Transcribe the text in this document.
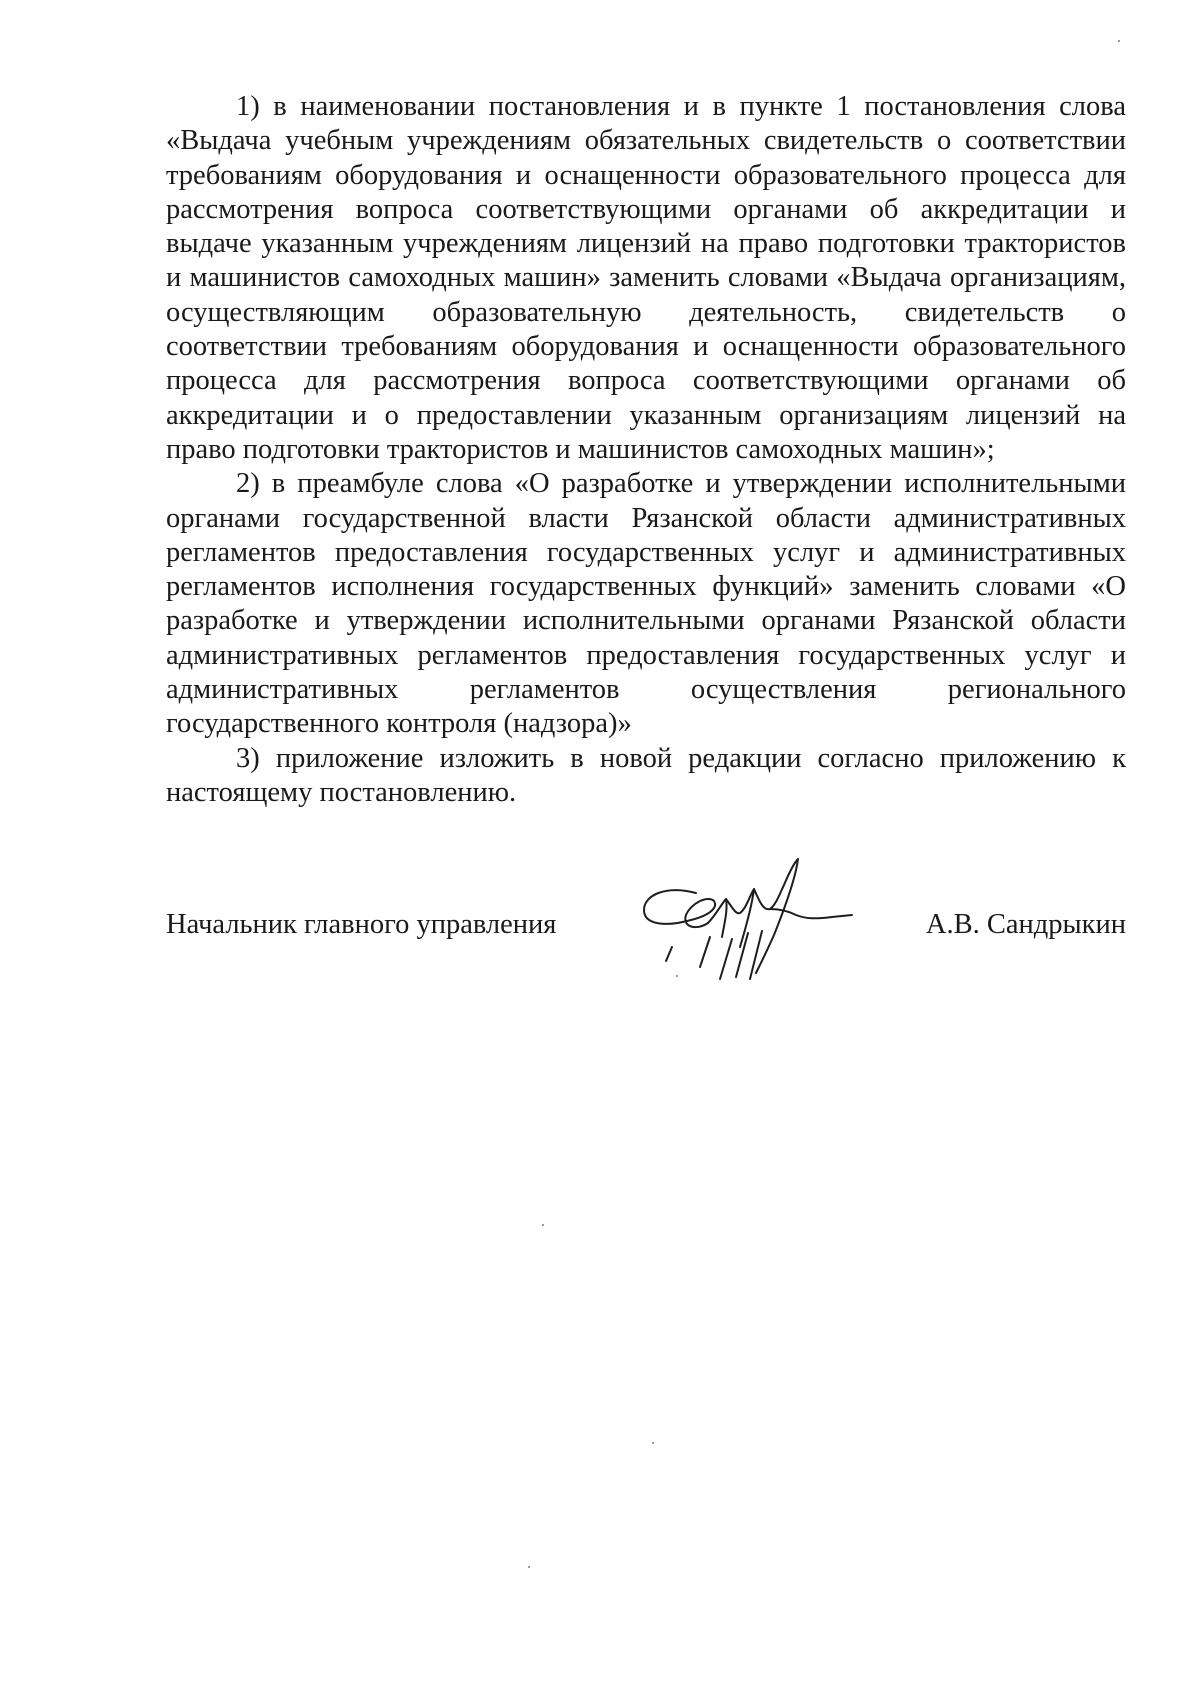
1) в наименовании постановления и в пункте 1 постановления слова «Выдача учебным учреждениям обязательных свидетельств о соответствии требованиям оборудования и оснащенности образовательного процесса для рассмотрения вопроса соответствующими органами об аккредитации и выдаче указанным учреждениям лицензий на право подготовки трактористов и машинистов самоходных машин» заменить словами «Выдача организациям, осуществляющим образовательную деятельность, свидетельств о соответствии требованиям оборудования и оснащенности образовательного процесса для рассмотрения вопроса соответствующими органами об аккредитации и о предоставлении указанным организациям лицензий на право подготовки трактористов и машинистов самоходных машин»;

2) в преамбуле слова «О разработке и утверждении исполнительными органами государственной власти Рязанской области административных регламентов предоставления государственных услуг и административных регламентов исполнения государственных функций» заменить словами «О разработке и утверждении исполнительными органами Рязанской области административных регламентов предоставления государственных услуг и административных регламентов осуществления регионального государственного контроля (надзора)»

3) приложение изложить в новой редакции согласно приложению к настоящему постановлению.

Начальник главного управления	А.В. Сандрыкин
